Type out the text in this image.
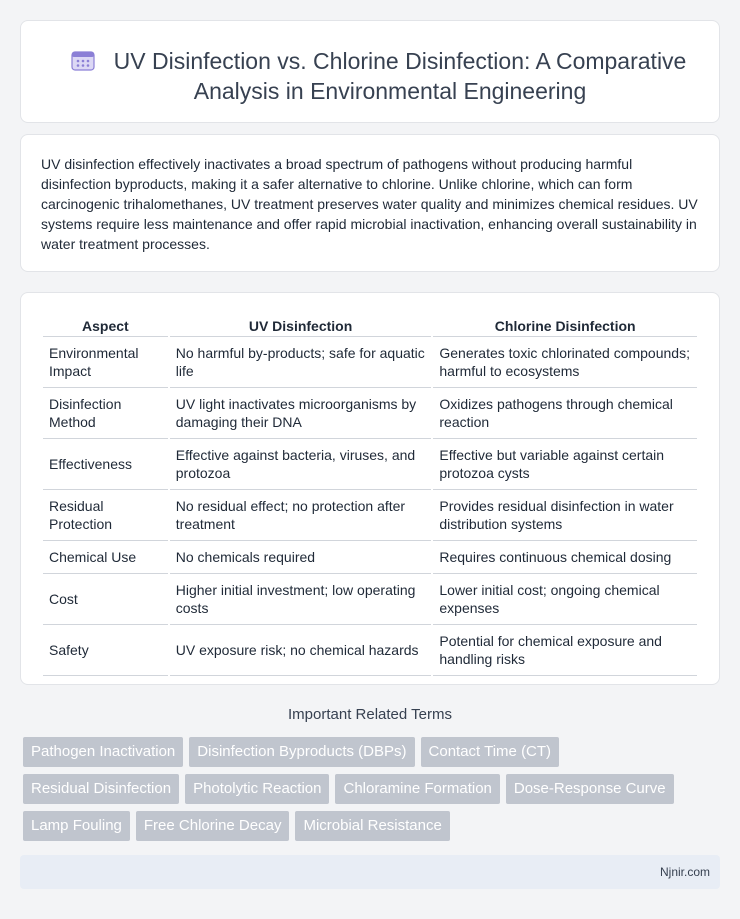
UV Disinfection vs. Chlorine Disinfection: A Comparative Analysis in Environmental Engineering

UV disinfection effectively inactivates a broad spectrum of pathogens without producing harmful disinfection byproducts, making it a safer alternative to chlorine. Unlike chlorine, which can form carcinogenic trihalomethanes, UV treatment preserves water quality and minimizes chemical residues. UV systems require less maintenance and offer rapid microbial inactivation, enhancing overall sustainability in water treatment processes.

Aspect	UV Disinfection	Chlorine Disinfection
Environmental Impact	No harmful by-products; safe for aquatic life	Generates toxic chlorinated compounds; harmful to ecosystems
Disinfection Method	UV light inactivates microorganisms by damaging their DNA	Oxidizes pathogens through chemical reaction
Effectiveness	Effective against bacteria, viruses, and protozoa	Effective but variable against certain protozoa cysts
Residual Protection	No residual effect; no protection after treatment	Provides residual disinfection in water distribution systems
Chemical Use	No chemicals required	Requires continuous chemical dosing
Cost	Higher initial investment; low operating costs	Lower initial cost; ongoing chemical expenses
Safety	UV exposure risk; no chemical hazards	Potential for chemical exposure and handling risks
Important Related Terms
Pathogen Inactivation	Disinfection Byproducts (DBPs)	Contact Time (CT)
Residual Disinfection	Photolytic Reaction	Chloramine Formation	Dose-Response Curve
Lamp Fouling	Free Chlorine Decay	Microbial Resistance
Njnir.com
